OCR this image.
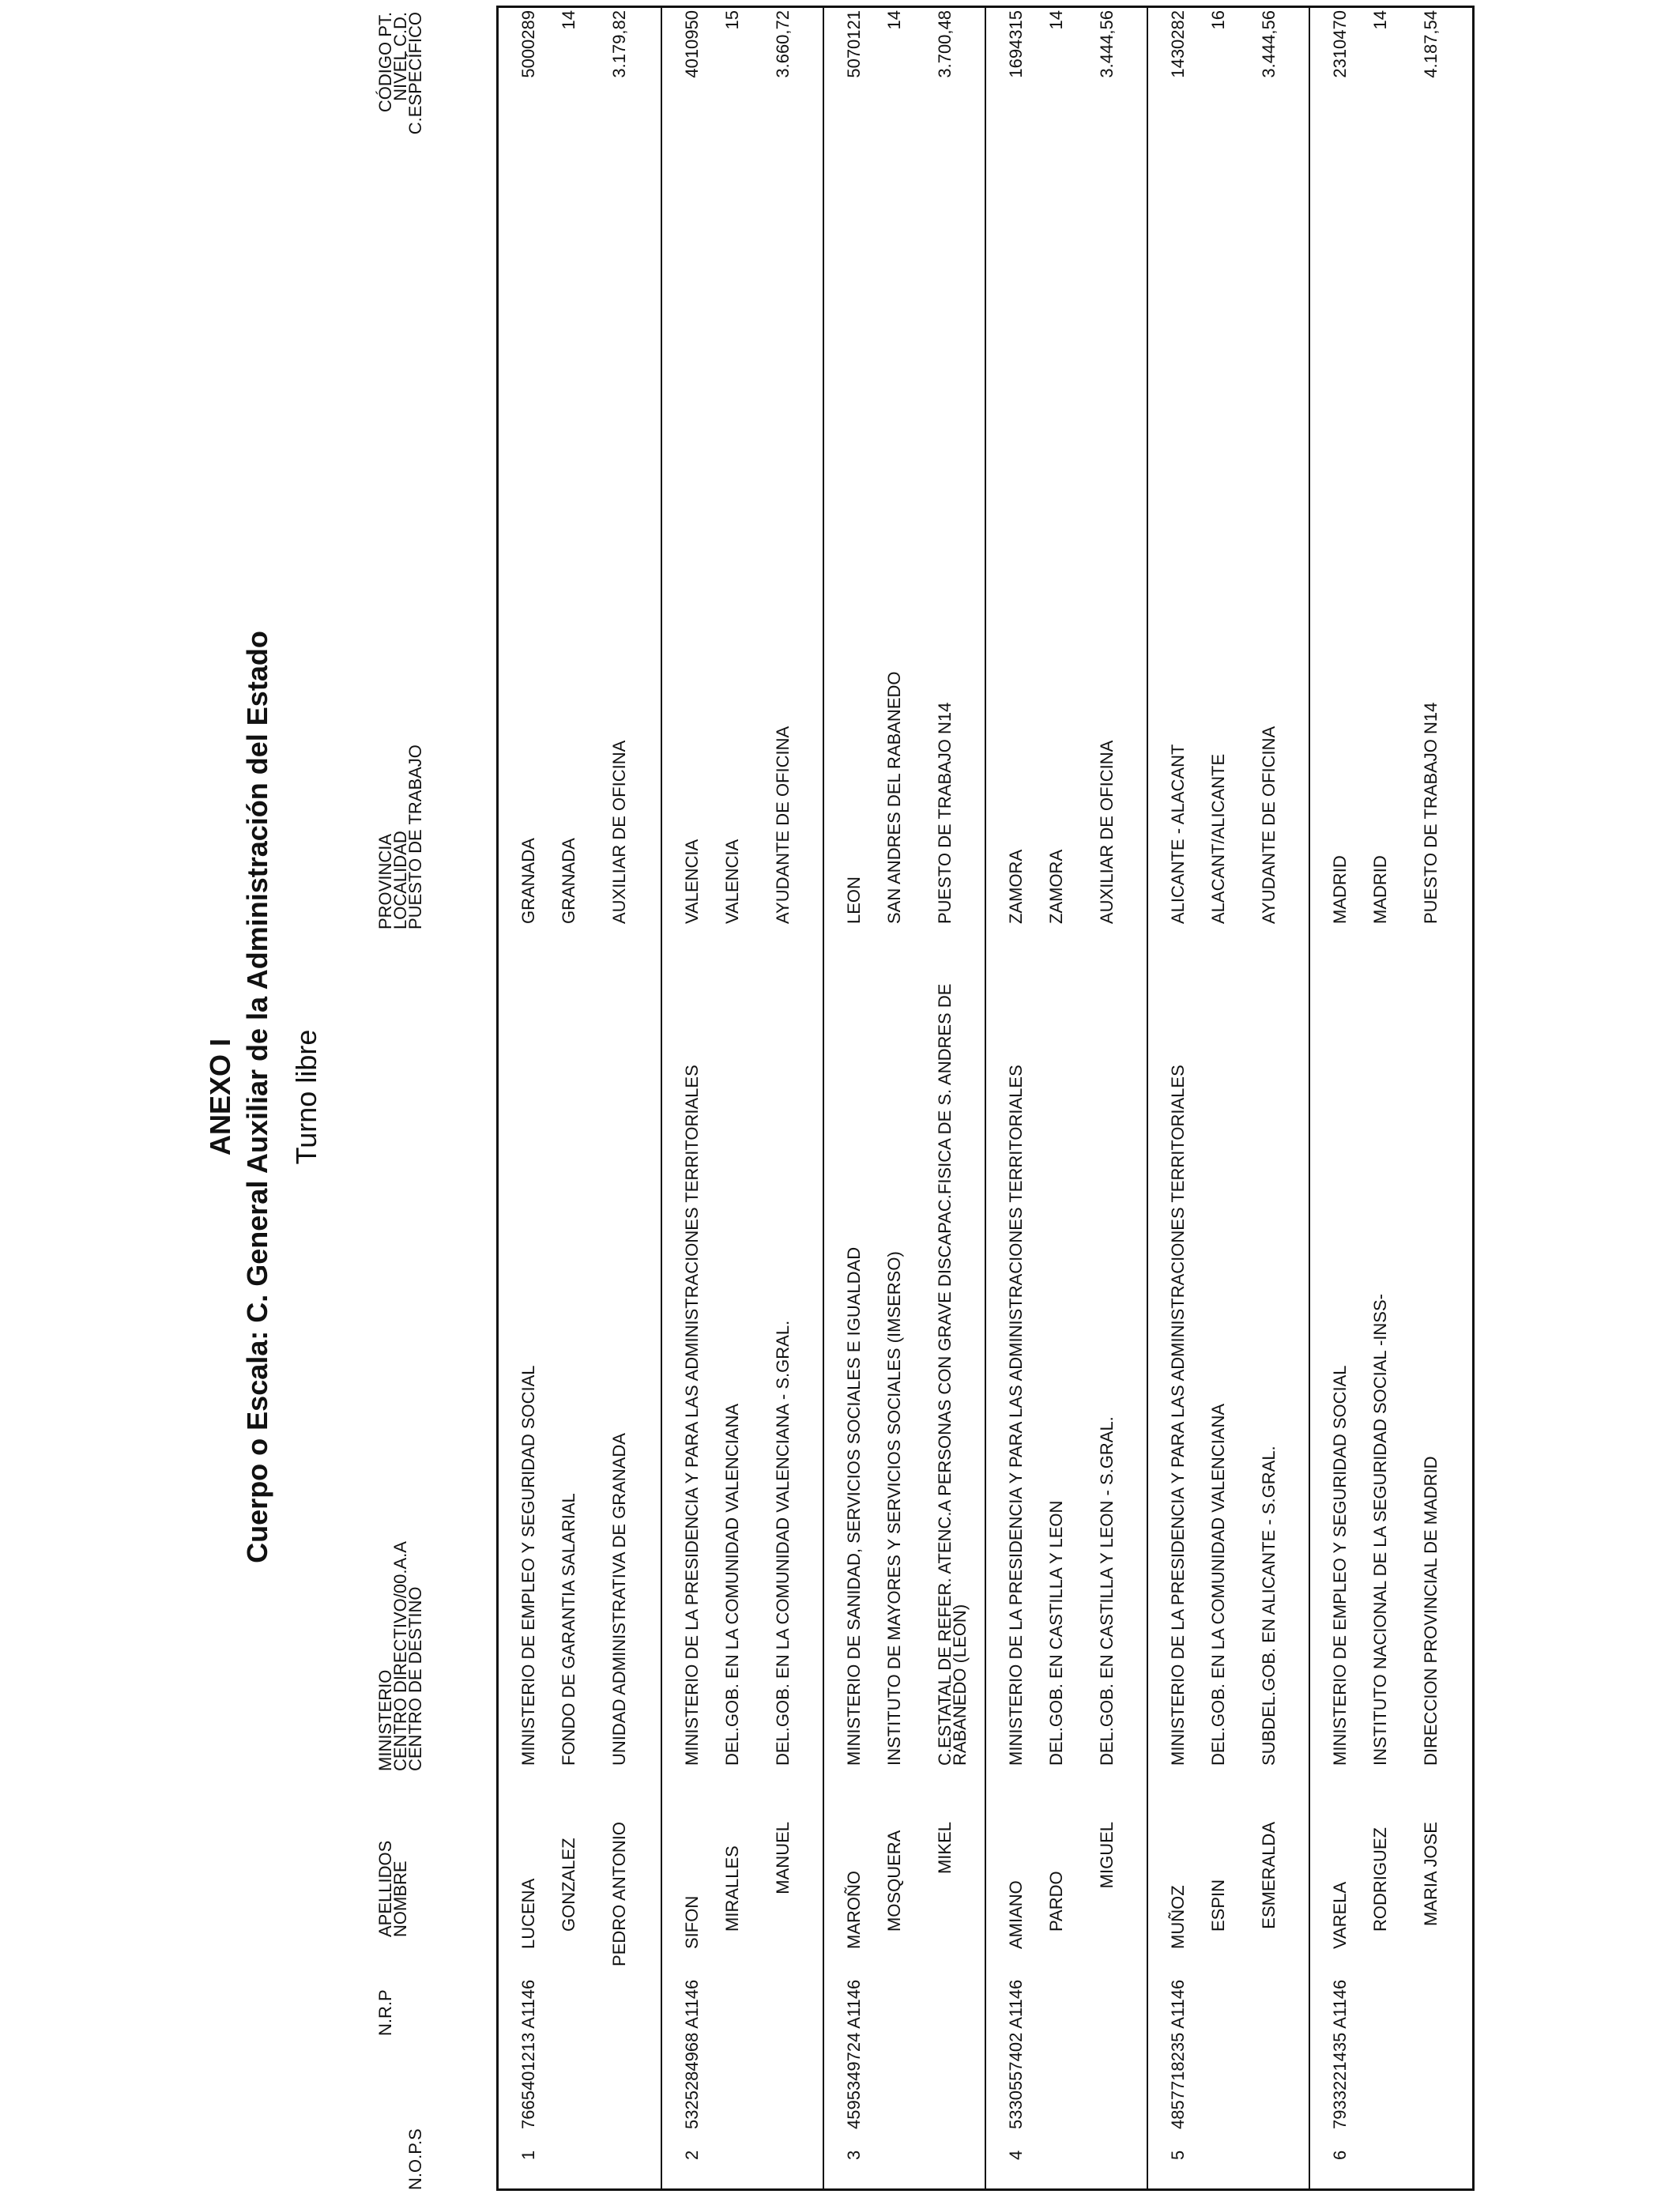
ANEXO I Cuerpo o Escala: C. General Auxiliar de la Administración del Estado Turno libre
N.O.P.S
N.R.P
APELLIDOS
NOMBRE
MINISTERIO
CENTRO DIRECTIVO/00.A.A
CENTRO DE DESTINO
PROVINCIA
LOCALIDAD
PUESTO DE TRABAJO
CÓDIGO PT.
NIVEL C.D.
C.ESPECÍFICO
1
7665401213 A1146
LUCENA GONZALEZ PEDRO ANTONIO
MINISTERIO DE EMPLEO Y SEGURIDAD SOCIAL FONDO DE GARANTIA SALARIAL UNIDAD ADMINISTRATIVA DE GRANADA
GRANADA GRANADA AUXILIAR DE OFICINA
5000289 14 3.179,82
2
5325284968 A1146
SIFON MIRALLES MANUEL
MINISTERIO DE LA PRESIDENCIA Y PARA LAS ADMINISTRACIONES TERRITORIALES DEL.GOB. EN LA COMUNIDAD VALENCIANA DEL.GOB. EN LA COMUNIDAD VALENCIANA - S.GRAL.
VALENCIA VALENCIA AYUDANTE DE OFICINA
4010950 15 3.660,72
3
4595349724 A1146
MAROÑO MOSQUERA MIKEL
MINISTERIO DE SANIDAD, SERVICIOS SOCIALES E IGUALDAD INSTITUTO DE MAYORES Y SERVICIOS SOCIALES (IMSERSO) C.ESTATAL DE REFER. ATENC.A PERSONAS CON GRAVE DISCAPAC.FISICA DE S. ANDRES DE RABANEDO (LEON)
LEON SAN ANDRES DEL RABANEDO PUESTO DE TRABAJO N14
5070121 14 3.700,48
4
5330557402 A1146
AMIANO PARDO
MIGUEL
MINISTERIO DE LA PRESIDENCIA Y PARA LAS ADMINISTRACIONES TERRITORIALES DEL.GOB. EN CASTILLA Y LEON DEL.GOB. EN CASTILLA Y LEON - S.GRAL.
ZAMORA ZAMORA AUXILIAR DE OFICINA
1694315 14 3.444,56
5
4857718235 A1146
MUÑOZ ESPIN ESMERALDA
MINISTERIO DE LA PRESIDENCIA Y PARA LAS ADMINISTRACIONES TERRITORIALES DEL.GOB. EN LA COMUNIDAD VALENCIANA SUBDEL.GOB. EN ALICANTE - S.GRAL.
ALICANTE - ALACANT ALACANT/ALICANTE AYUDANTE DE OFICINA
1430282 16 3.444,56
6
7933221435 A1146
VARELA RODRIGUEZ MARIA JOSE
MINISTERIO DE EMPLEO Y SEGURIDAD SOCIAL INSTITUTO NACIONAL DE LA SEGURIDAD SOCIAL -INSS- DIRECCION PROVINCIAL DE MADRID
MADRID MADRID PUESTO DE TRABAJO N14
2310470 14 4.187,54
